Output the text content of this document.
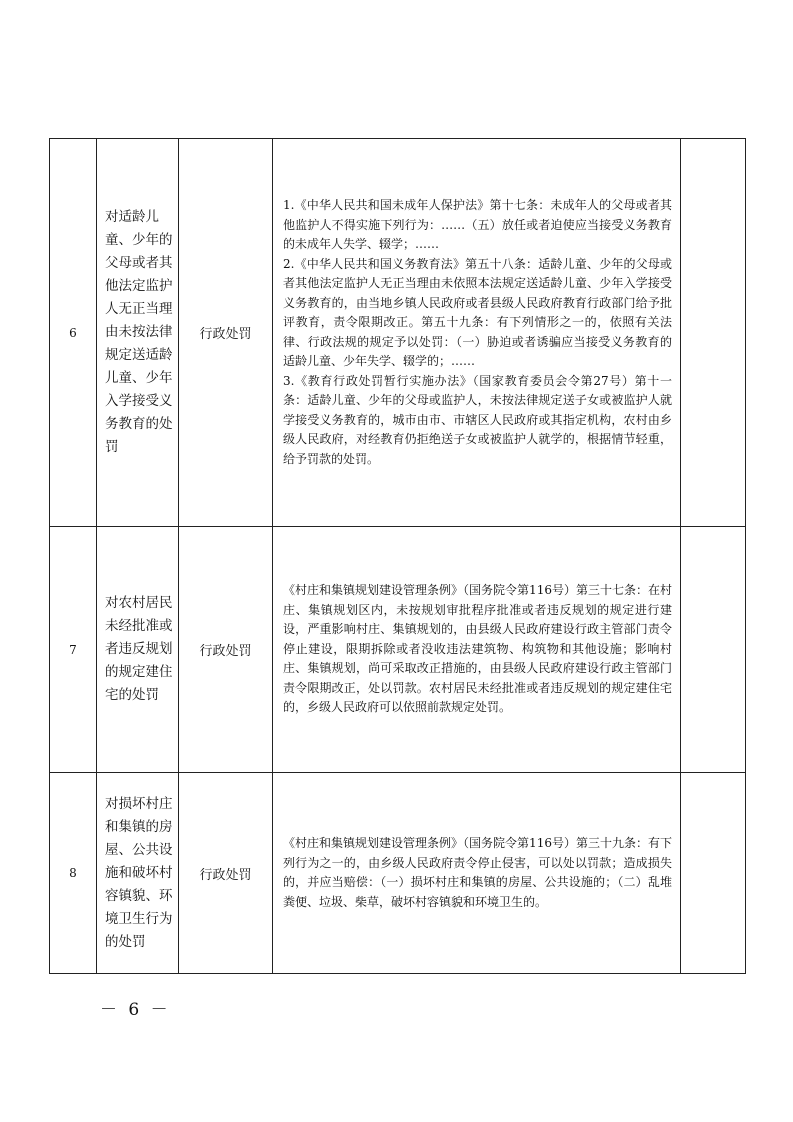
6	对适龄儿童、少年的父母或者其他法定监护人无正当理由未按法律规定送适龄儿童、少年入学接受义务教育的处罚	行政处罚	1.《中华人民共和国未成年人保护法》第十七条：未成年人的父母或者其他监护人不得实施下列行为：……（五）放任或者迫使应当接受义务教育的未成年人失学、辍学；……

2.《中华人民共和国义务教育法》第五十八条：适龄儿童、少年的父母或者其他法定监护人无正当理由未依照本法规定送适龄儿童、少年入学接受义务教育的，由当地乡镇人民政府或者县级人民政府教育行政部门给予批评教育，责令限期改正。第五十九条：有下列情形之一的，依照有关法律、行政法规的规定予以处罚：（一）胁迫或者诱骗应当接受义务教育的适龄儿童、少年失学、辍学的；……

3.《教育行政处罚暂行实施办法》（国家教育委员会令第27号）第十一条：适龄儿童、少年的父母或监护人，未按法律规定送子女或被监护人就学接受义务教育的，城市由市、市辖区人民政府或其指定机构，农村由乡级人民政府，对经教育仍拒绝送子女或被监护人就学的，根据情节轻重，给予罚款的处罚。	

7	对农村居民未经批准或者违反规划的规定建住宅的处罚	行政处罚	《村庄和集镇规划建设管理条例》（国务院令第116号）第三十七条：在村庄、集镇规划区内，未按规划审批程序批准或者违反规划的规定进行建设，严重影响村庄、集镇规划的，由县级人民政府建设行政主管部门责令停止建设，限期拆除或者没收违法建筑物、构筑物和其他设施；影响村庄、集镇规划，尚可采取改正措施的，由县级人民政府建设行政主管部门责令限期改正，处以罚款。农村居民未经批准或者违反规划的规定建住宅的，乡级人民政府可以依照前款规定处罚。	

8	对损坏村庄和集镇的房屋、公共设施和破坏村容镇貌、环境卫生行为的处罚	行政处罚	《村庄和集镇规划建设管理条例》（国务院令第116号）第三十九条：有下列行为之一的，由乡级人民政府责令停止侵害，可以处以罚款；造成损失的，并应当赔偿：（一）损坏村庄和集镇的房屋、公共设施的；（二）乱堆粪便、垃圾、柴草，破坏村容镇貌和环境卫生的。	

－ 6 －
